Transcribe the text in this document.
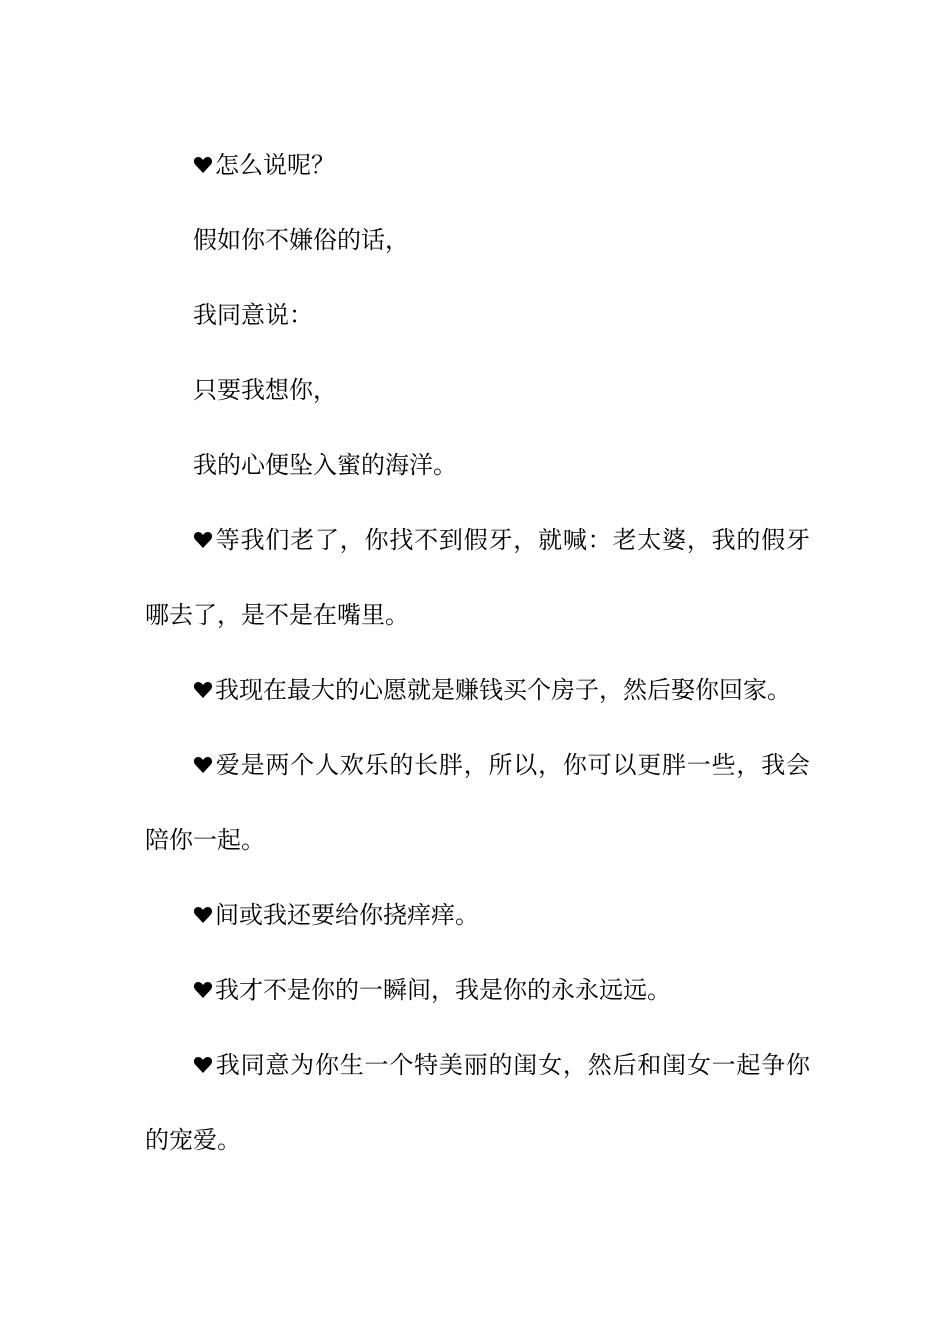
怎么说呢？

假如你不嫌俗的话，

我同意说：

只要我想你，

我的心便坠入蜜的海洋。

等我们老了，你找不到假牙，就喊：老太婆，我的假牙哪去了，是不是在嘴里。

我现在最大的心愿就是赚钱买个房子，然后娶你回家。

爱是两个人欢乐的长胖，所以，你可以更胖一些，我会陪你一起。

间或我还要给你挠痒痒。

我才不是你的一瞬间，我是你的永永远远。

我同意为你生一个特美丽的闺女，然后和闺女一起争你的宠爱。
